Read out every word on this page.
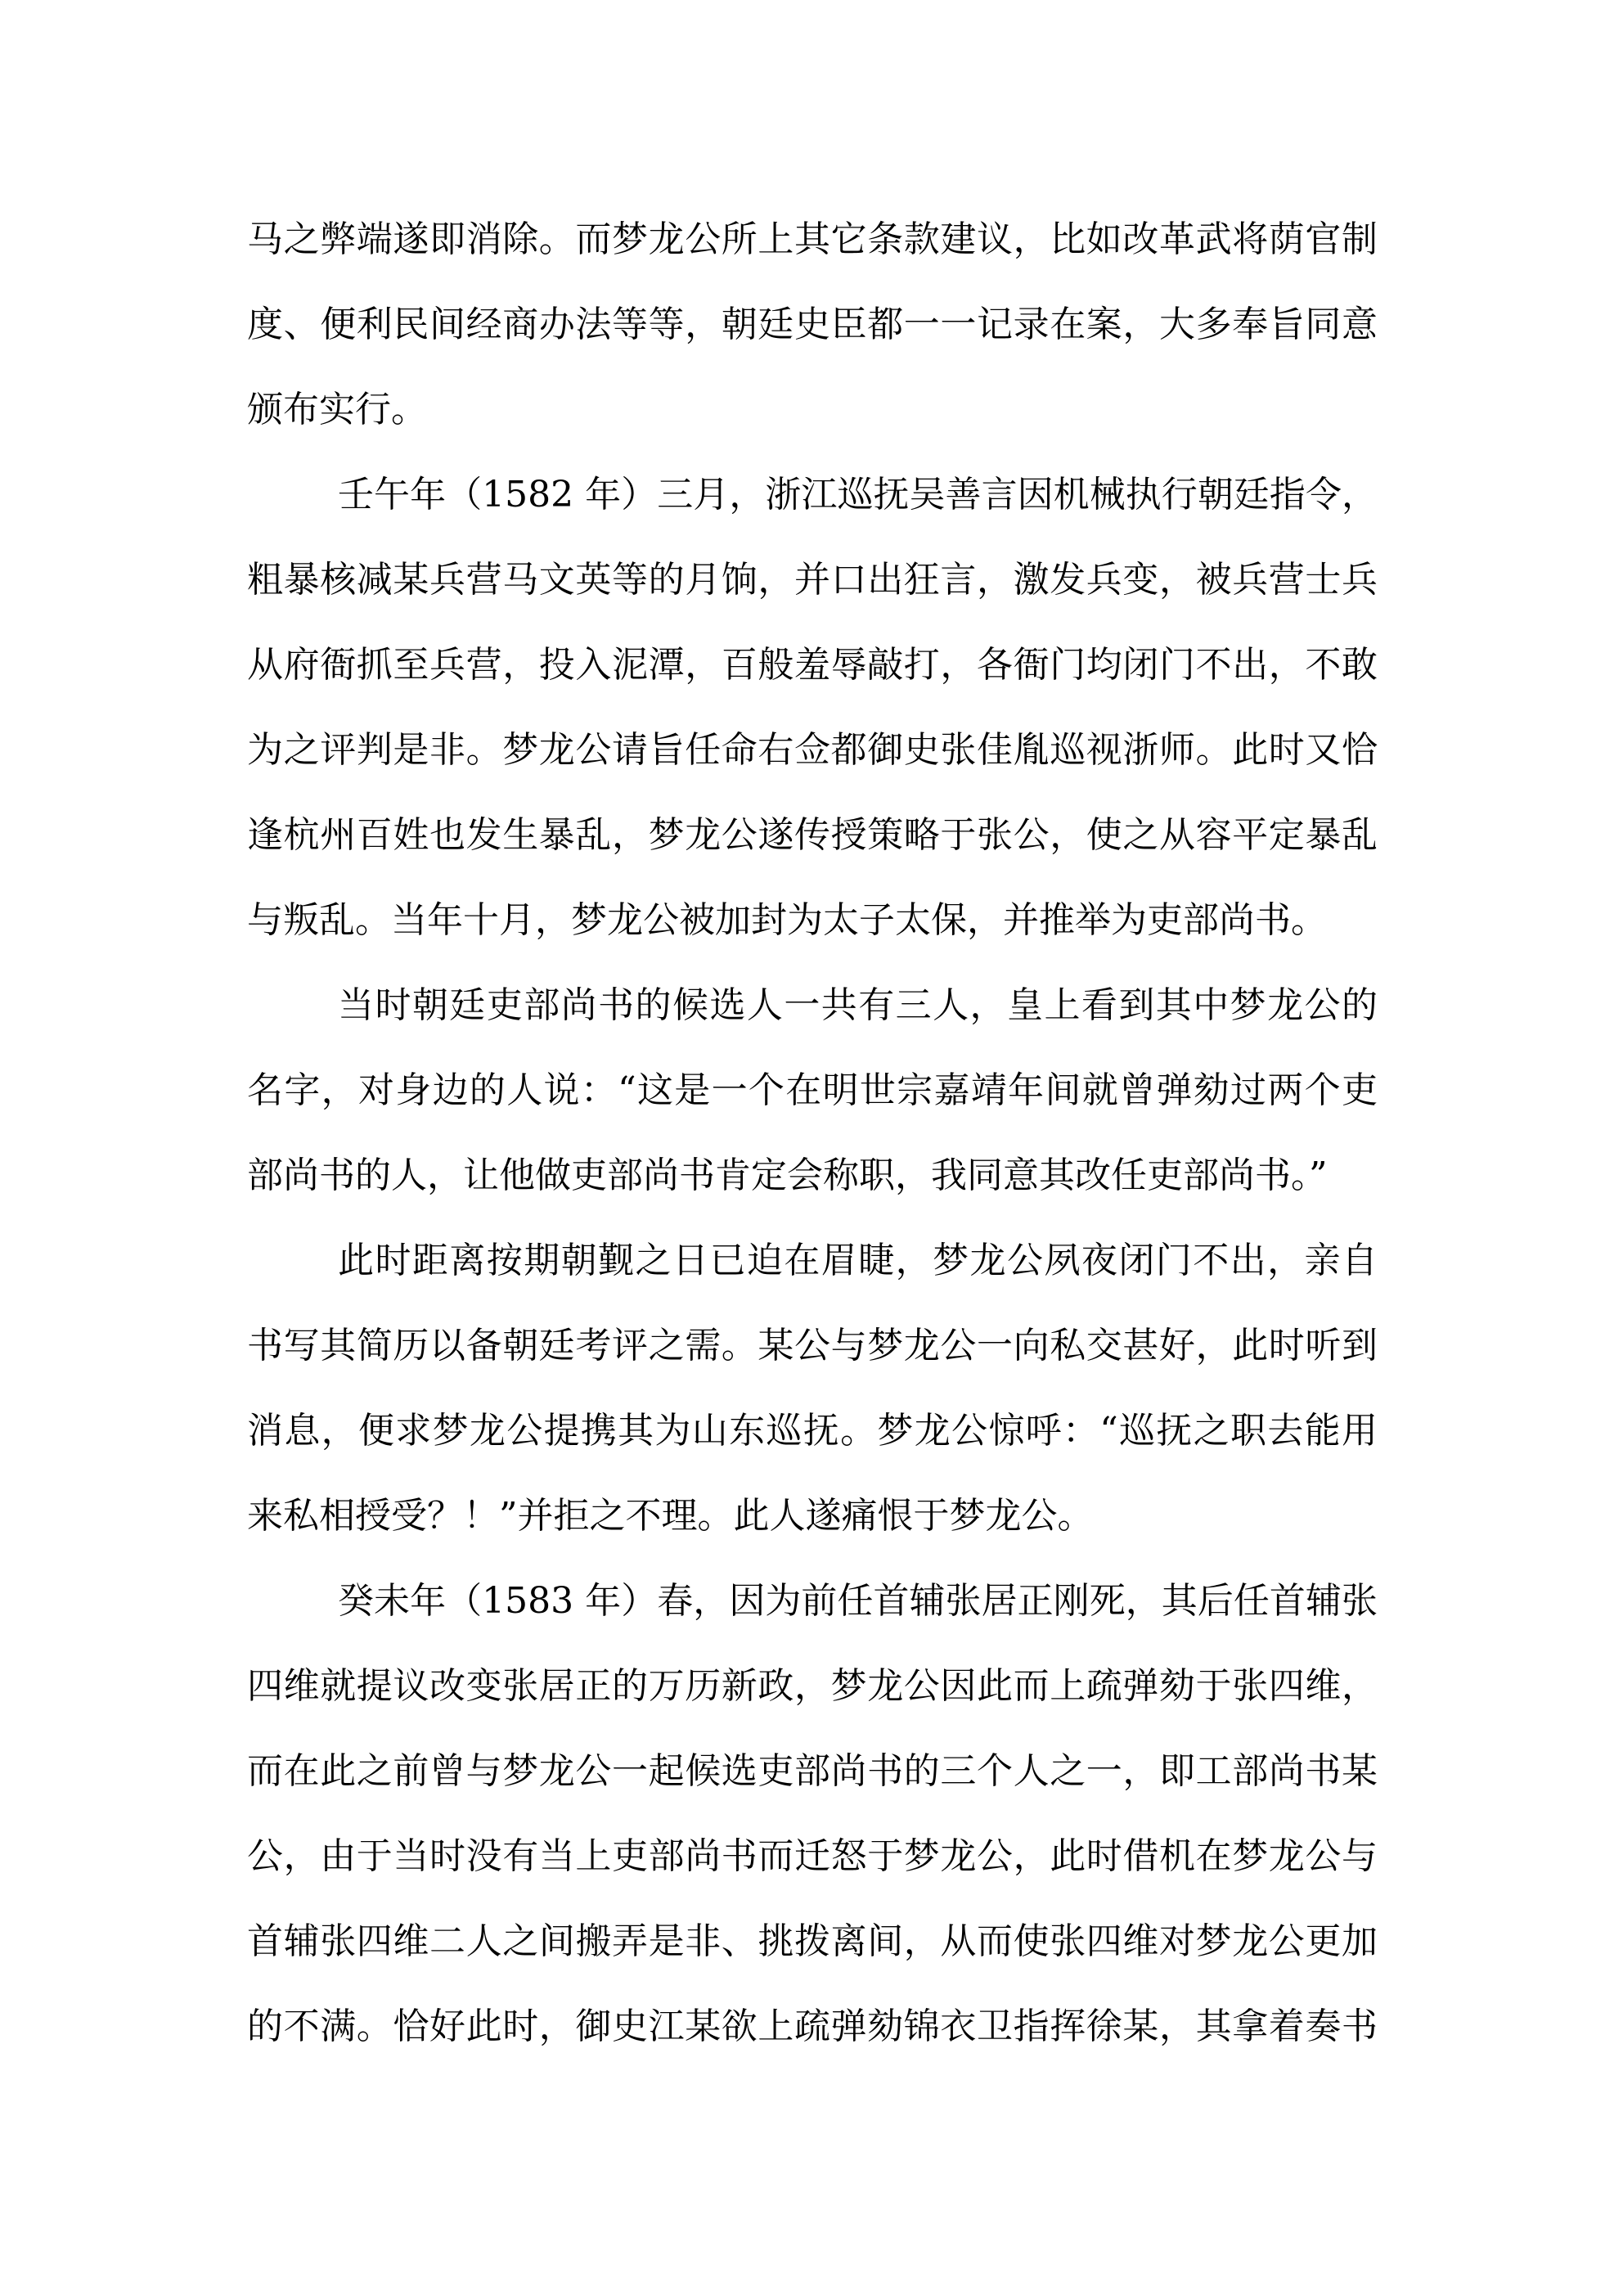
马之弊端遂即消除。而梦龙公所上其它条款建议，比如改革武将荫官制
度、便利民间经商办法等等，朝廷史臣都一一记录在案，大多奉旨同意
颁布实行。
壬午年（1582 年）三月，浙江巡抚吴善言因机械执行朝廷指令，
粗暴核减某兵营马文英等的月饷，并口出狂言，激发兵变，被兵营士兵
从府衙抓至兵营，投入泥潭，百般羞辱敲打，各衙门均闭门不出，不敢
为之评判是非。梦龙公请旨任命右佥都御史张佳胤巡视浙师。此时又恰
逢杭州百姓也发生暴乱，梦龙公遂传授策略于张公，使之从容平定暴乱
与叛乱。当年十月，梦龙公被加封为太子太保，并推举为吏部尚书。
当时朝廷吏部尚书的候选人一共有三人，皇上看到其中梦龙公的
名字，对身边的人说：“这是一个在明世宗嘉靖年间就曾弹劾过两个吏
部尚书的人，让他做吏部尚书肯定会称职，我同意其改任吏部尚书。”
此时距离按期朝觐之日已迫在眉睫，梦龙公夙夜闭门不出，亲自
书写其简历以备朝廷考评之需。某公与梦龙公一向私交甚好，此时听到
消息，便求梦龙公提携其为山东巡抚。梦龙公惊呼：“巡抚之职去能用
来私相授受？！”并拒之不理。此人遂痛恨于梦龙公。
癸未年（1583 年）春，因为前任首辅张居正刚死，其后任首辅张
四维就提议改变张居正的万历新政，梦龙公因此而上疏弹劾于张四维，
而在此之前曾与梦龙公一起候选吏部尚书的三个人之一，即工部尚书某
公，由于当时没有当上吏部尚书而迁怒于梦龙公，此时借机在梦龙公与
首辅张四维二人之间搬弄是非、挑拨离间，从而使张四维对梦龙公更加
的不满。恰好此时，御史江某欲上疏弹劾锦衣卫指挥徐某，其拿着奏书
